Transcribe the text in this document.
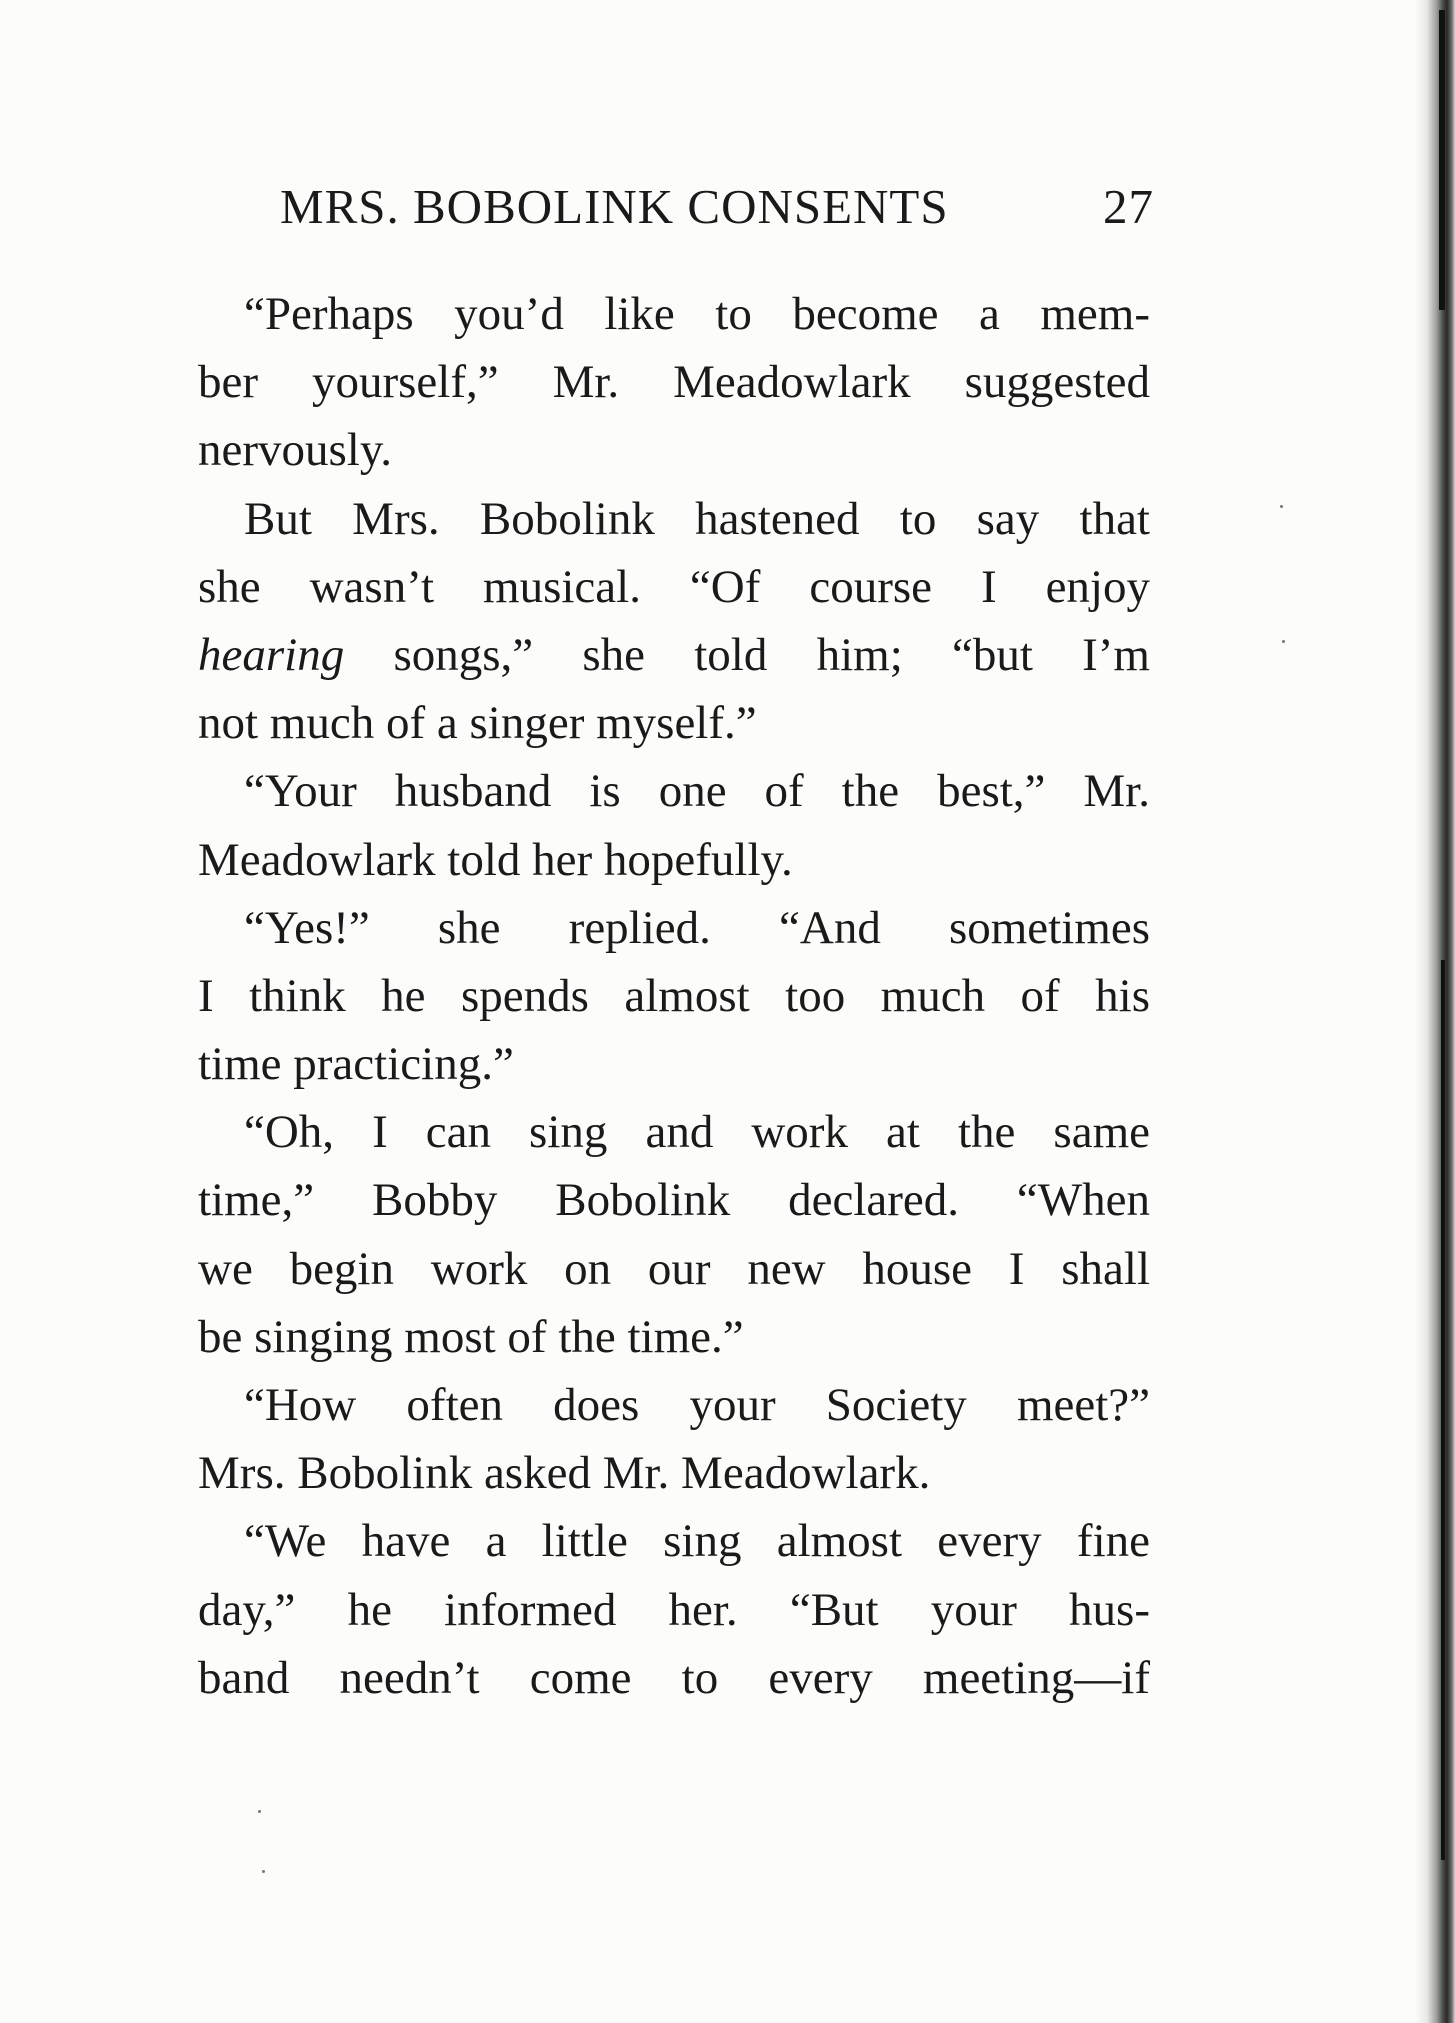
MRS. BOBOLINK CONSENTS	27
“Perhaps you’d like to become a mem-
ber yourself,” Mr. Meadowlark suggested
nervously.
But Mrs. Bobolink hastened to say that
she wasn’t musical. “Of course I enjoy
hearing songs,” she told him; “but I’m
not much of a singer myself.”
“Your husband is one of the best,” Mr.
Meadowlark told her hopefully.
“Yes!” she replied. “And sometimes
I think he spends almost too much of his
time practicing.”
“Oh, I can sing and work at the same
time,” Bobby Bobolink declared. “When
we begin work on our new house I shall
be singing most of the time.”
“How often does your Society meet?”
Mrs. Bobolink asked Mr. Meadowlark.
“We have a little sing almost every fine
day,” he informed her. “But your hus-
band needn’t come to every meeting—if
